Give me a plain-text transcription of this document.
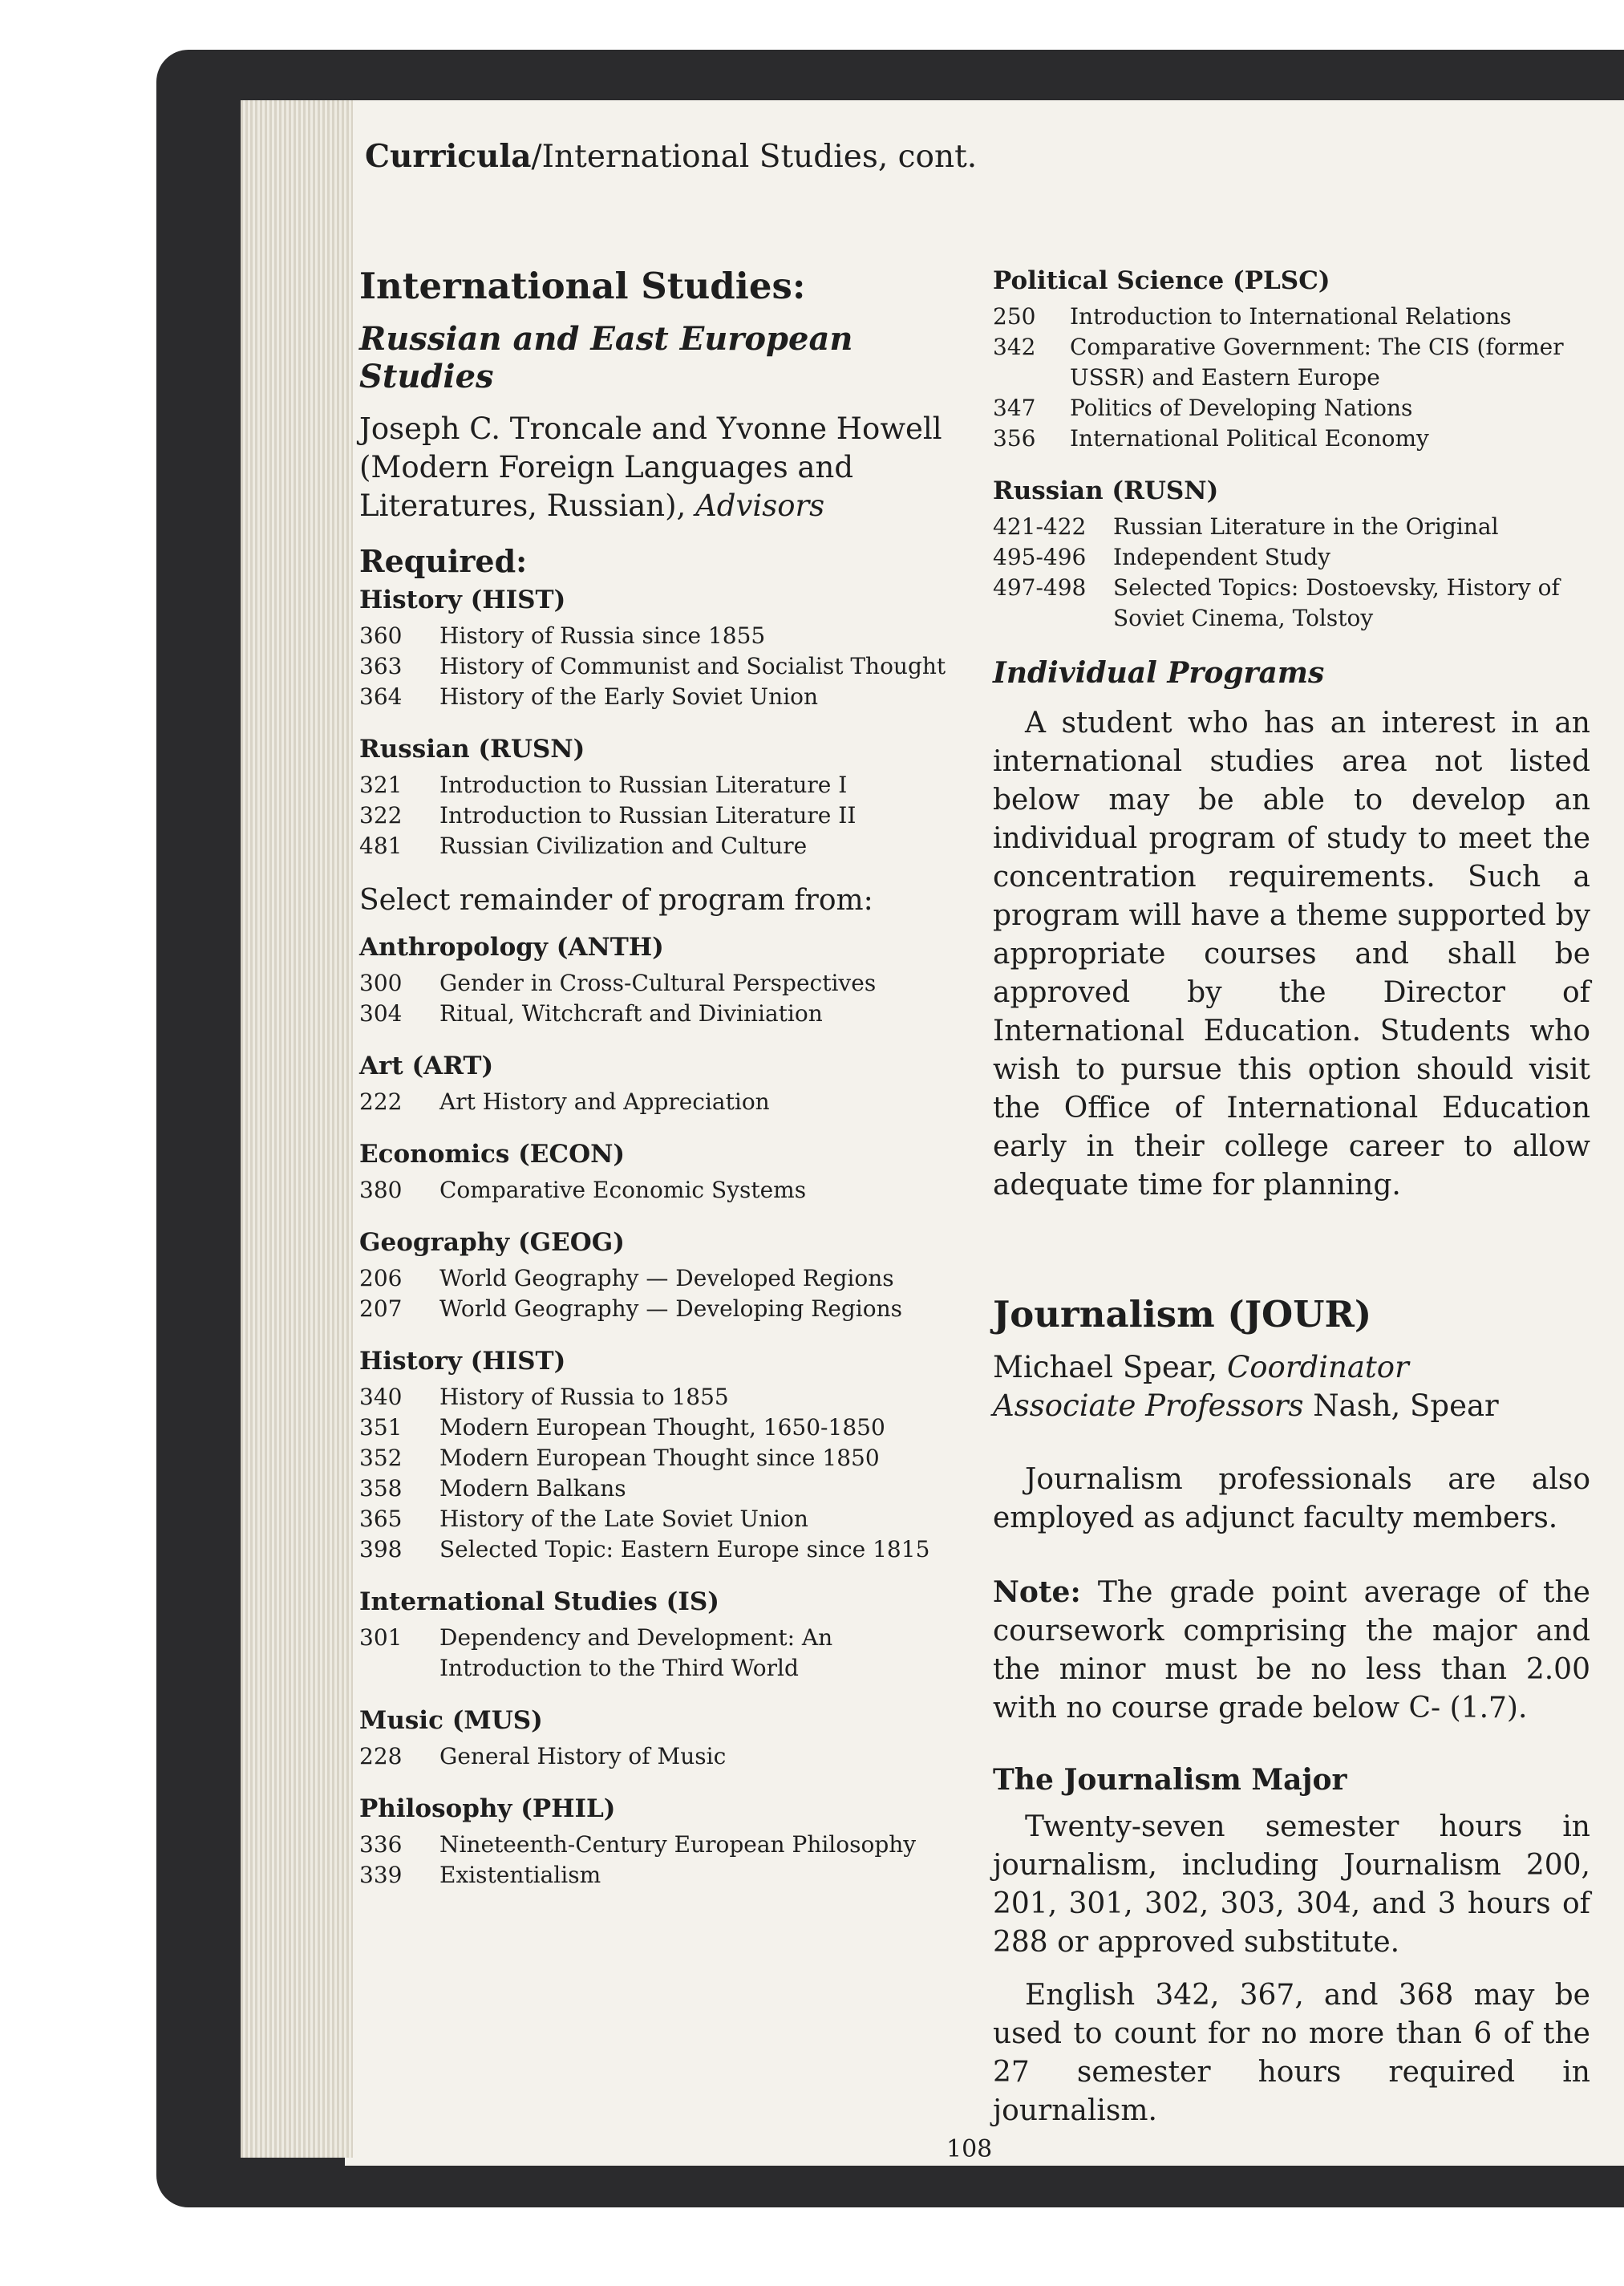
Curricula/International Studies, cont.
International Studies:
Russian and East European Studies
Joseph C. Troncale and Yvonne Howell (Modern Foreign Languages and Literatures, Russian), Advisors
Required:
History (HIST)
360	History of Russia since 1855
363	History of Communist and Socialist Thought
364	History of the Early Soviet Union
Russian (RUSN)
321	Introduction to Russian Literature I
322	Introduction to Russian Literature II
481	Russian Civilization and Culture
Select remainder of program from:
Anthropology (ANTH)
300	Gender in Cross-Cultural Perspectives
304	Ritual, Witchcraft and Diviniation
Art (ART)
222	Art History and Appreciation
Economics (ECON)
380	Comparative Economic Systems
Geography (GEOG)
206	World Geography — Developed Regions
207	World Geography — Developing Regions
History (HIST)
340	History of Russia to 1855
351	Modern European Thought, 1650-1850
352	Modern European Thought since 1850
358	Modern Balkans
365	History of the Late Soviet Union
398	Selected Topic: Eastern Europe since 1815
International Studies (IS)
301	Dependency and Development: An Introduction to the Third World
Music (MUS)
228	General History of Music
Philosophy (PHIL)
336	Nineteenth-Century European Philosophy
339	Existentialism
Political Science (PLSC)
250	Introduction to International Relations
342	Comparative Government: The CIS (former USSR) and Eastern Europe
347	Politics of Developing Nations
356	International Political Economy
Russian (RUSN)
421-422	Russian Literature in the Original
495-496	Independent Study
497-498	Selected Topics: Dostoevsky, History of Soviet Cinema, Tolstoy
Individual Programs

A student who has an interest in an international studies area not listed below may be able to develop an individual program of study to meet the concentration requirements. Such a program will have a theme supported by appropriate courses and shall be approved by the Director of International Education. Students who wish to pursue this option should visit the Office of International Education early in their college career to allow adequate time for planning.

Journalism (JOUR)
Michael Spear, Coordinator
Associate Professors Nash, Spear

Journalism professionals are also employed as adjunct faculty members.

Note: The grade point average of the coursework comprising the major and the minor must be no less than 2.00 with no course grade below C- (1.7).

The Journalism Major

Twenty-seven semester hours in journalism, including Journalism 200, 201, 301, 302, 303, 304, and 3 hours of 288 or approved substitute.

English 342, 367, and 368 may be used to count for no more than 6 of the 27 semester hours required in journalism.

108
